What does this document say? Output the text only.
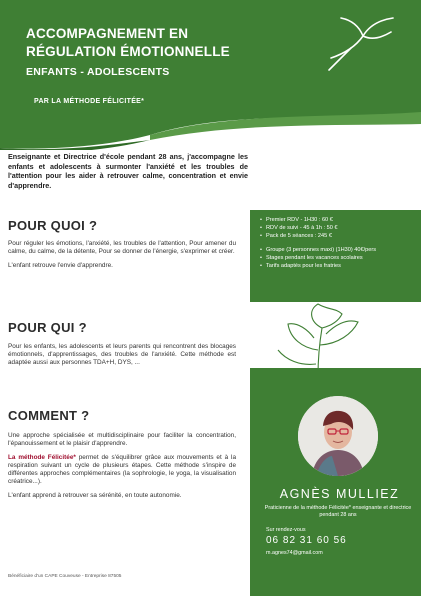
ACCOMPAGNEMENT EN
RÉGULATION ÉMOTIONNELLE
ENFANTS - ADOLESCENTS
PAR LA MÉTHODE FÉLICITÉE*
Enseignante et Directrice d'école pendant 28 ans, j'accompagne les enfants et adolescents à surmonter l'anxiété et les troubles de l'attention pour les aider à retrouver calme, concentration et envie d'apprendre.
• Premier RDV - 1H30 : 60 €
• RDV de suivi - 45 à 1h : 50 €
• Pack de 5 séances : 245 €
• Groupe (3 personnes maxi) (1H30) 40€/pers
• Stages pendant les vacances scolaires
• Tarifs adaptés pour les fratries
POUR QUOI ?

Pour réguler les émotions, l'anxiété, les troubles de l'attention, Pour amener du calme, du calme, de la détente, Pour se donner de l'énergie, s'exprimer et créer.

L'enfant retrouve l'envie d'apprendre.

POUR QUI ?

Pour les enfants, les adolescents et leurs parents qui rencontrent des blocages émotionnels, d'apprentissages, des troubles de l'anxiété. Cette méthode est adaptée aussi aux personnes TDA+H, DYS, ...

COMMENT ?

Une approche spécialisée et multidisciplinaire pour faciliter la concentration, l'épanouissement et le plaisir d'apprendre.

La méthode Félicitée* permet de s'équilibrer grâce aux mouvements et à la respiration suivant un cycle de plusieurs étapes. Cette méthode s'inspire de différentes approches complémentaires (la sophrologie, le yoga, la visualisation créatrice...).

L'enfant apprend à retrouver sa sérénité, en toute autonomie.	AGNÈS MULLIEZ
Praticienne de la méthode Félicitée* enseignante et directrice pendant 28 ans
Sur rendez-vous
06 82 31 60 56
m.agnes74@gmail.com
Bénéficiaire d'un CAPE Couveuse - Entreprise 87505
